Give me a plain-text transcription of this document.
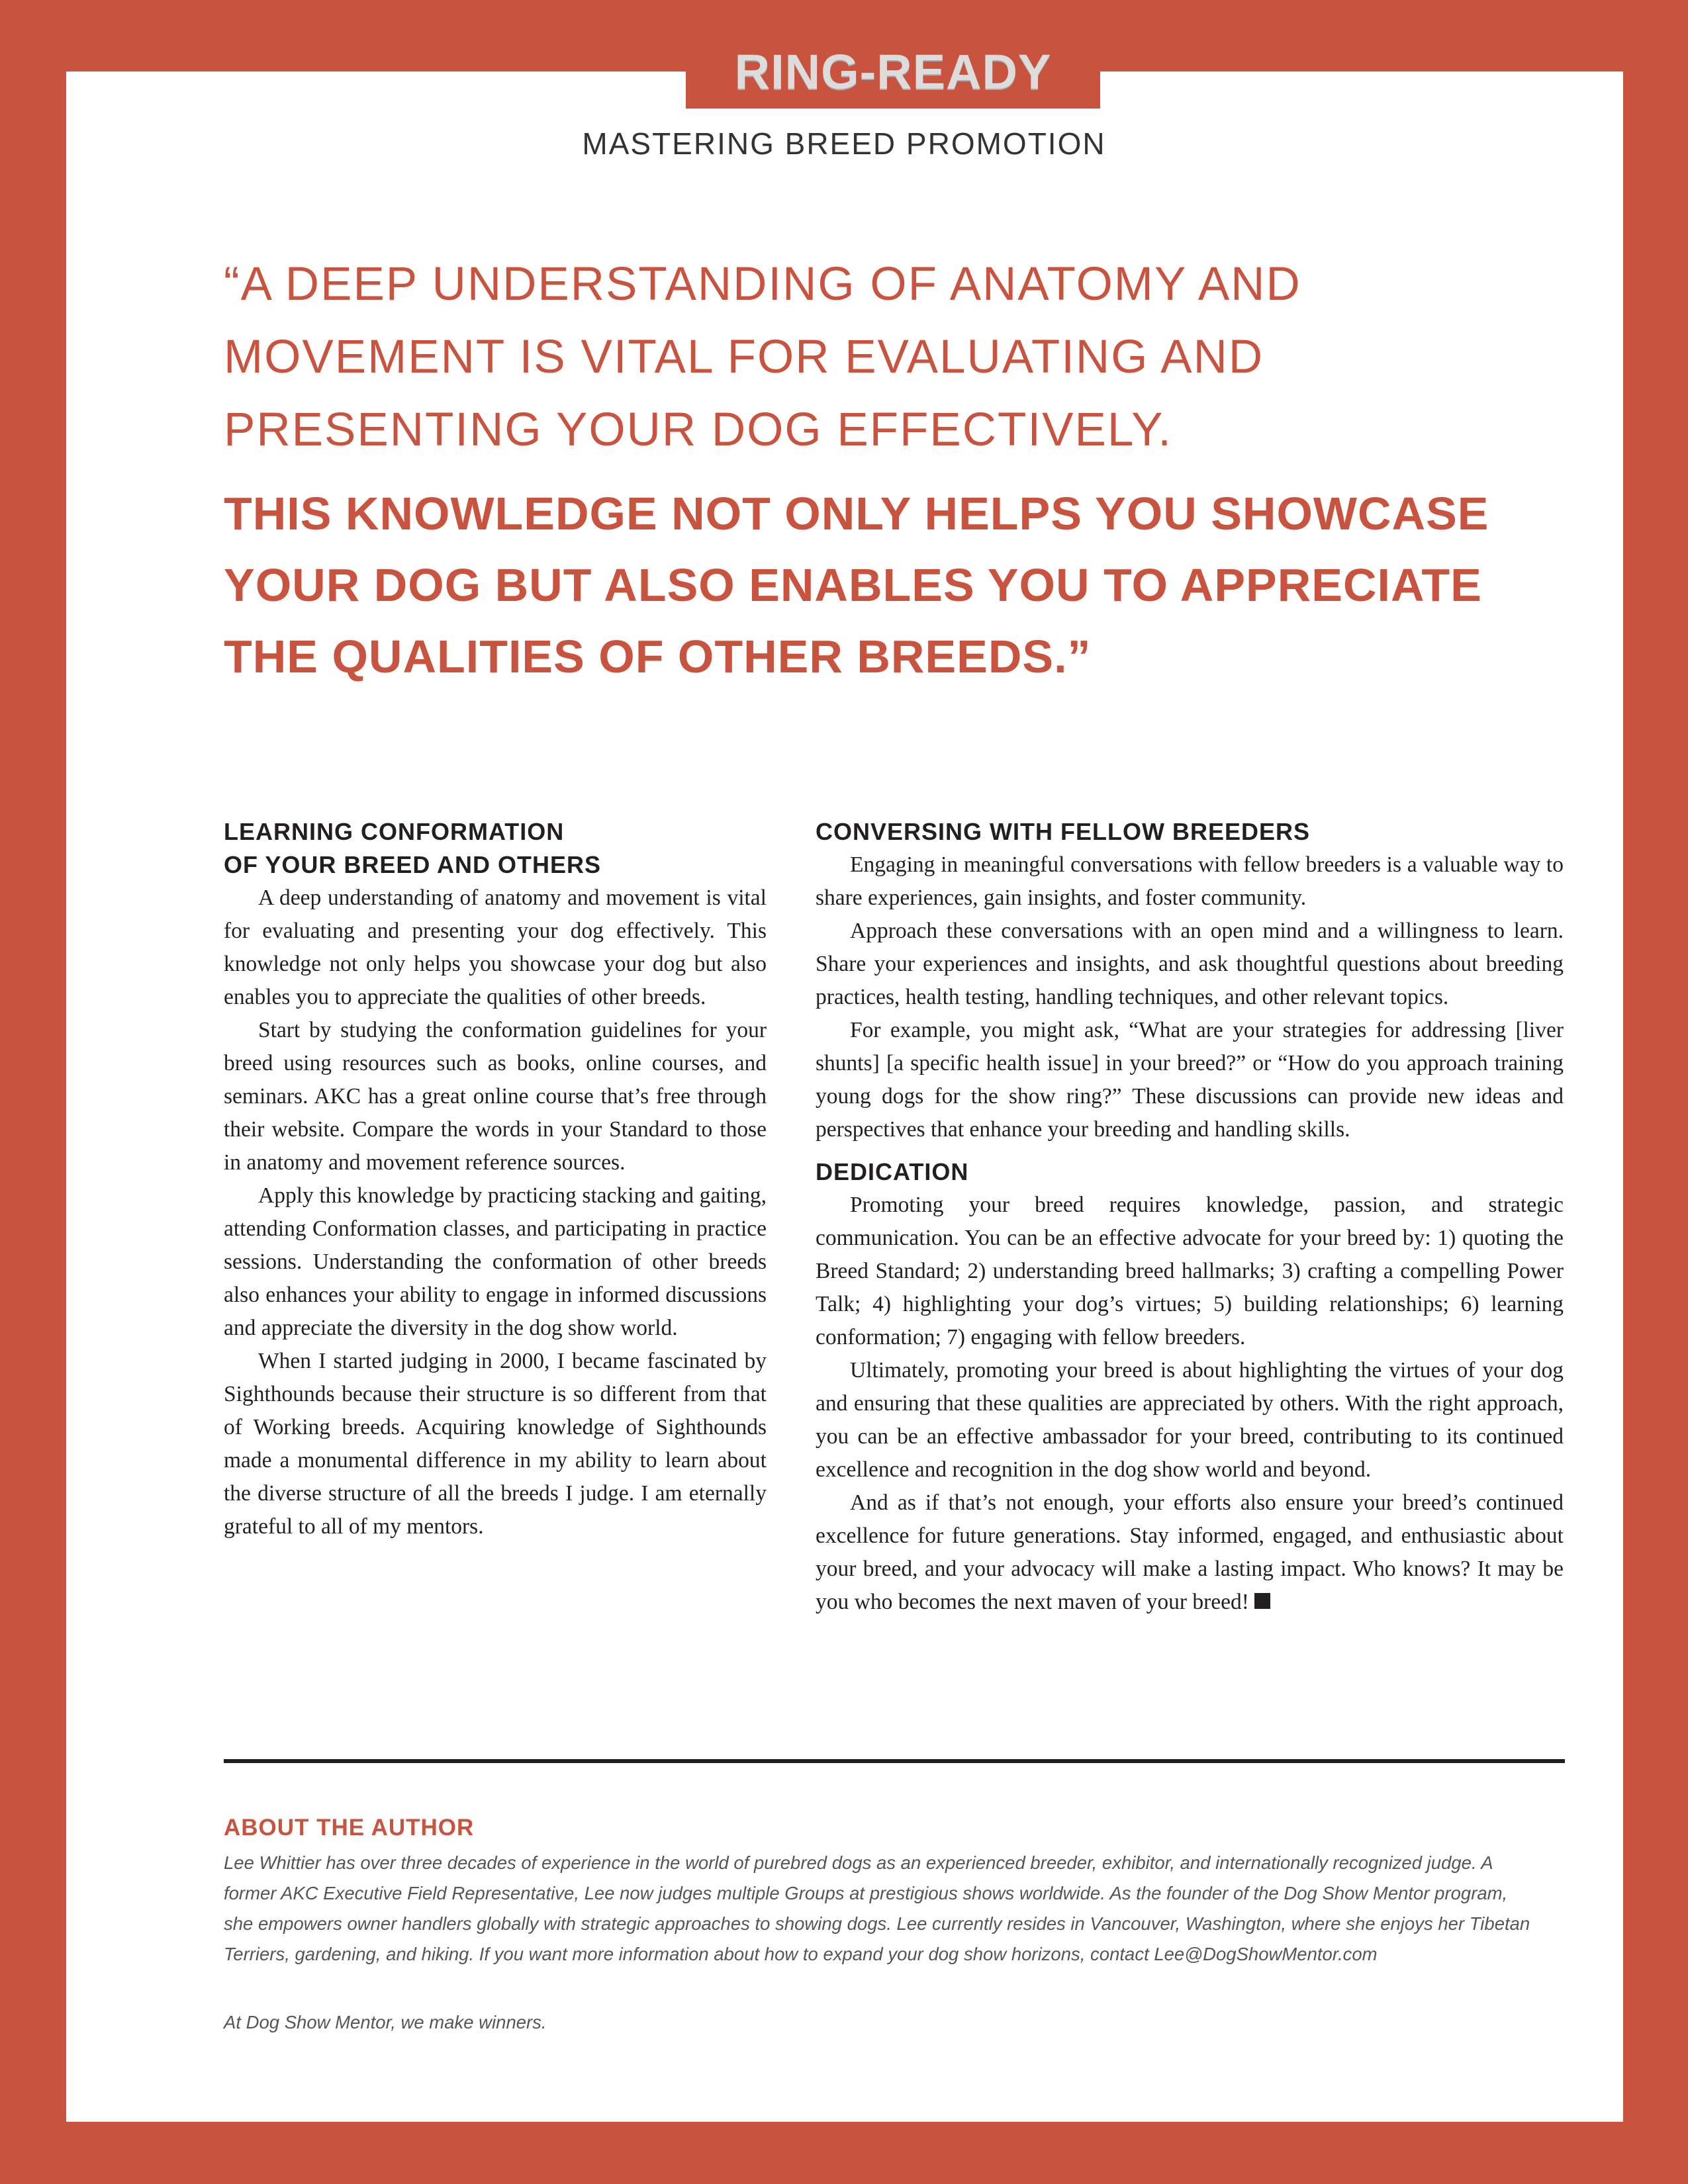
RING-READY
MASTERING BREED PROMOTION
“A DEEP UNDERSTANDING OF ANATOMY AND MOVEMENT IS VITAL FOR EVALUATING AND PRESENTING YOUR DOG EFFECTIVELY.
THIS KNOWLEDGE NOT ONLY HELPS YOU SHOWCASE YOUR DOG BUT ALSO ENABLES YOU TO APPRECIATE THE QUALITIES OF OTHER BREEDS.”
LEARNING CONFORMATION
OF YOUR BREED AND OTHERS

A deep understanding of anatomy and movement is vital for evaluating and presenting your dog effectively. This knowledge not only helps you showcase your dog but also enables you to appreciate the qualities of other breeds.

Start by studying the conformation guidelines for your breed using resources such as books, online courses, and seminars. AKC has a great online course that’s free through their website. Compare the words in your Standard to those in anatomy and movement reference sources.

Apply this knowledge by practicing stacking and gaiting, attending Conformation classes, and participating in practice sessions. Understanding the conformation of other breeds also enhances your ability to engage in informed discussions and appreciate the diversity in the dog show world.

When I started judging in 2000, I became fascinated by Sighthounds because their structure is so different from that of Working breeds. Acquiring knowledge of Sighthounds made a monumental difference in my ability to learn about the diverse structure of all the breeds I judge. I am eternally grateful to all of my mentors.

CONVERSING WITH FELLOW BREEDERS

Engaging in meaningful conversations with fellow breeders is a valuable way to share experiences, gain insights, and foster community.

Approach these conversations with an open mind and a willingness to learn. Share your experiences and insights, and ask thoughtful questions about breeding practices, health testing, handling techniques, and other relevant topics.

For example, you might ask, “What are your strategies for addressing [liver shunts] [a specific health issue] in your breed?” or “How do you approach training young dogs for the show ring?” These discussions can provide new ideas and perspectives that enhance your breeding and handling skills.

DEDICATION

Promoting your breed requires knowledge, passion, and strategic communication. You can be an effective advocate for your breed by: 1) quoting the Breed Standard; 2) understanding breed hallmarks; 3) crafting a compelling Power Talk; 4) highlighting your dog’s virtues; 5) building relationships; 6) learning conformation; 7) engaging with fellow breeders.

Ultimately, promoting your breed is about highlighting the virtues of your dog and ensuring that these qualities are appreciated by others. With the right approach, you can be an effective ambassador for your breed, contributing to its continued excellence and recognition in the dog show world and beyond.

And as if that’s not enough, your efforts also ensure your breed’s continued excellence for future generations. Stay informed, engaged, and enthusiastic about your breed, and your advocacy will make a lasting impact. Who knows? It may be you who becomes the next maven of your breed!

ABOUT THE AUTHOR

Lee Whittier has over three decades of experience in the world of purebred dogs as an experienced breeder, exhibitor, and internationally recognized judge. A former AKC Executive Field Representative, Lee now judges multiple Groups at prestigious shows worldwide. As the founder of the Dog Show Mentor program, she empowers owner handlers globally with strategic approaches to showing dogs. Lee currently resides in Vancouver, Washington, where she enjoys her Tibetan Terriers, gardening, and hiking. If you want more information about how to expand your dog show horizons, contact Lee@DogShowMentor.com

At Dog Show Mentor, we make winners.
